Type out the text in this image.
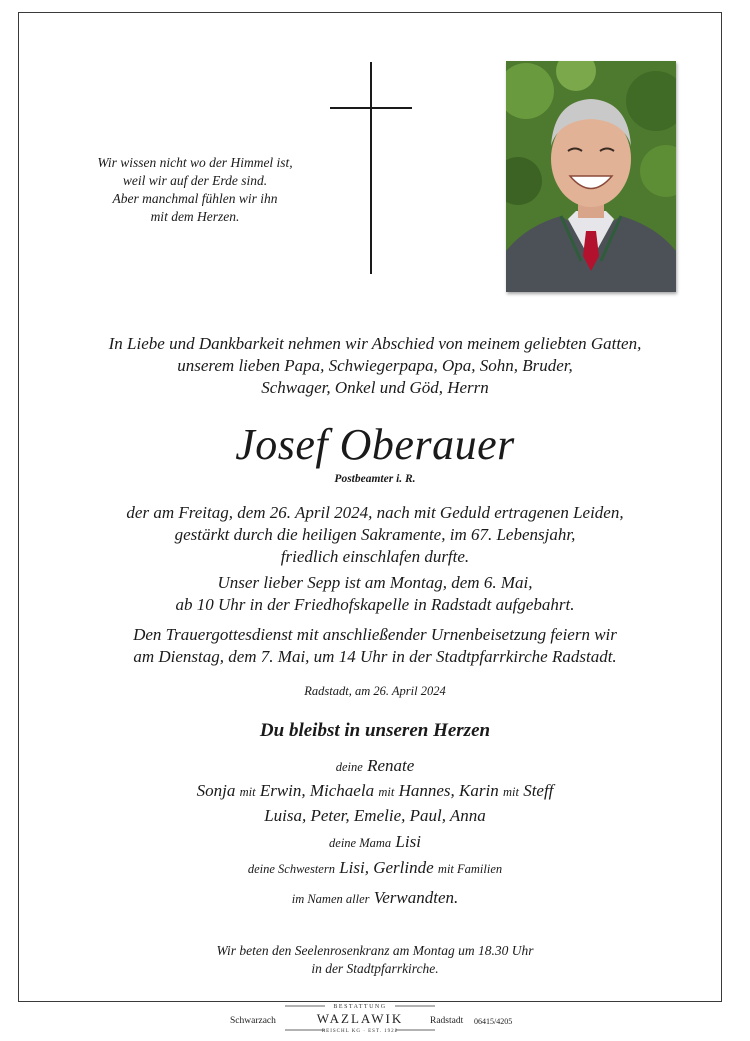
Wir wissen nicht wo der Himmel ist,
weil wir auf der Erde sind.
Aber manchmal fühlen wir ihn
mit dem Herzen.
In Liebe und Dankbarkeit nehmen wir Abschied von meinem geliebten Gatten,
unserem lieben Papa, Schwiegerpapa, Opa, Sohn, Bruder,
Schwager, Onkel und Göd, Herrn
Josef Oberauer
Postbeamter i. R.
der am Freitag, dem 26. April 2024, nach mit Geduld ertragenen Leiden,
gestärkt durch die heiligen Sakramente, im 67. Lebensjahr,
friedlich einschlafen durfte.
Unser lieber Sepp ist am Montag, dem 6. Mai,
ab 10 Uhr in der Friedhofskapelle in Radstadt aufgebahrt.
Den Trauergottesdienst mit anschließender Urnenbeisetzung feiern wir
am Dienstag, dem 7. Mai, um 14 Uhr in der Stadtpfarrkirche Radstadt.
Radstadt, am 26. April 2024
Du bleibst in unseren Herzen
deine Renate
Sonja mit Erwin, Michaela mit Hannes, Karin mit Steff
Luisa, Peter, Emelie, Paul, Anna
deine Mama Lisi
deine Schwestern Lisi, Gerlinde mit Familien
im Namen aller Verwandten.
Wir beten den Seelenrosenkranz am Montag um 18.30 Uhr
in der Stadtpfarrkirche.
Schwarzach
BESTATTUNG
WAZLAWIK
REISCHL KG · EST. 1922
Radstadt 06415/4205
